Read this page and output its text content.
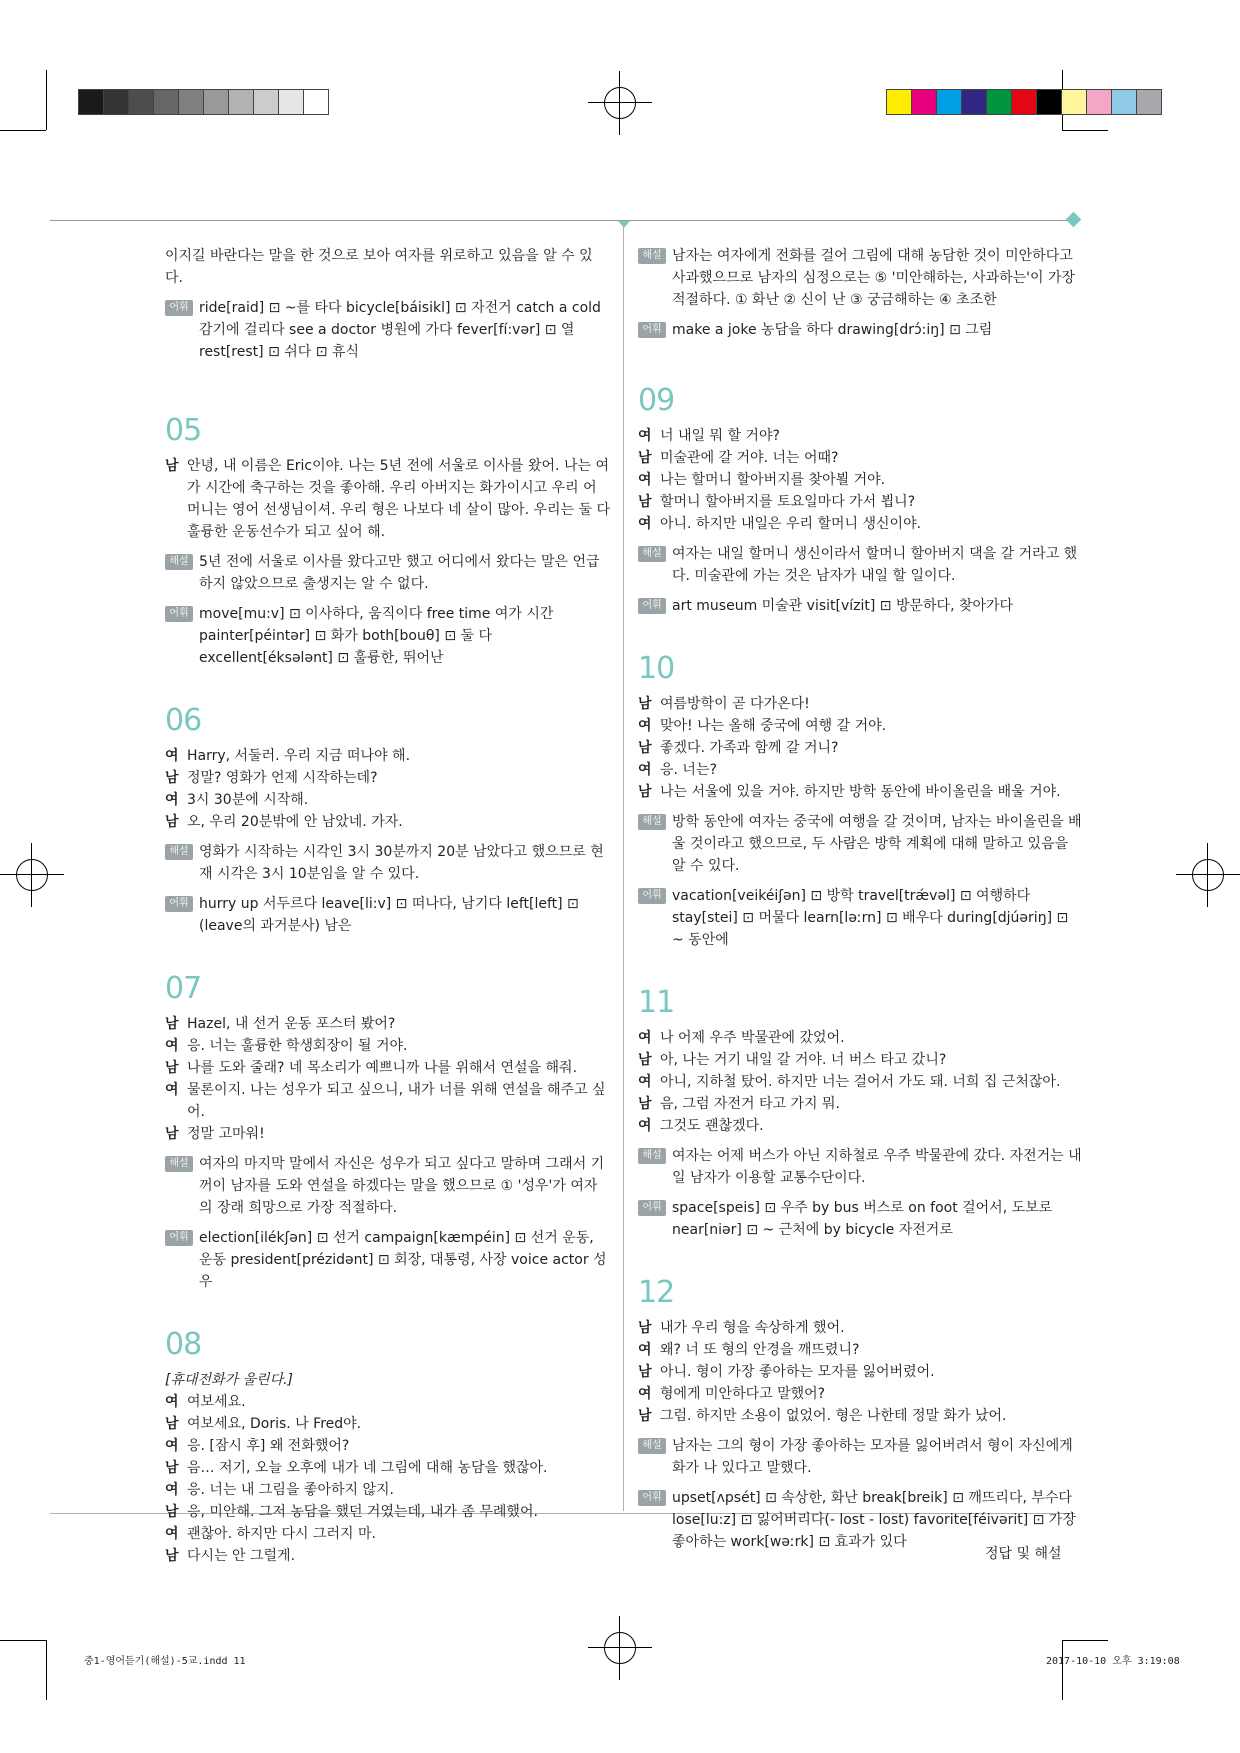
이지길 바란다는 말을 한 것으로 보아 여자를 위로하고 있음을 알 수 있다.
어휘 ride[raid] ⊡ ~를 타다 bicycle[báisikl] ⊡ 자전거 catch a cold 감기에 걸리다 see a doctor 병원에 가다 fever[fí:vər] ⊡ 열 rest[rest] ⊡ 쉬다 ⊡ 휴식
05
남 안녕, 내 이름은 Eric이야. 나는 5년 전에 서울로 이사를 왔어. 나는 여가 시간에 축구하는 것을 좋아해. 우리 아버지는 화가이시고 우리 어머니는 영어 선생님이셔. 우리 형은 나보다 네 살이 많아. 우리는 둘 다 훌륭한 운동선수가 되고 싶어 해.
해설 5년 전에 서울로 이사를 왔다고만 했고 어디에서 왔다는 말은 언급하지 않았으므로 출생지는 알 수 없다.
어휘 move[mu:v] ⊡ 이사하다, 움직이다 free time 여가 시간 painter[péintər] ⊡ 화가 both[bouθ] ⊡ 둘 다 excellent[éksələnt] ⊡ 훌륭한, 뛰어난
06
여 Harry, 서둘러. 우리 지금 떠나야 해.
남 정말? 영화가 언제 시작하는데?
여 3시 30분에 시작해.
남 오, 우리 20분밖에 안 남았네. 가자.
해설 영화가 시작하는 시각인 3시 30분까지 20분 남았다고 했으므로 현재 시각은 3시 10분임을 알 수 있다.
어휘 hurry up 서두르다 leave[li:v] ⊡ 떠나다, 남기다 left[left] ⊡ (leave의 과거분사) 남은
07
남 Hazel, 내 선거 운동 포스터 봤어?
여 응. 너는 훌륭한 학생회장이 될 거야.
남 나를 도와 줄래? 네 목소리가 예쁘니까 나를 위해서 연설을 해줘.
여 물론이지. 나는 성우가 되고 싶으니, 내가 너를 위해 연설을 해주고 싶어.
남 정말 고마워!
해설 여자의 마지막 말에서 자신은 성우가 되고 싶다고 말하며 그래서 기꺼이 남자를 도와 연설을 하겠다는 말을 했으므로 ① '성우'가 여자의 장래 희망으로 가장 적절하다.
어휘 election[ilékʃən] ⊡ 선거 campaign[kæmpéin] ⊡ 선거 운동, 운동 president[prézidənt] ⊡ 회장, 대통령, 사장 voice actor 성우
08
[휴대전화가 울린다.]
여 여보세요.
남 여보세요, Doris. 나 Fred야.
여 응. [잠시 후] 왜 전화했어?
남 음… 저기, 오늘 오후에 내가 네 그림에 대해 농담을 했잖아.
여 응. 너는 내 그림을 좋아하지 않지.
남 응, 미안해. 그저 농담을 했던 거였는데, 내가 좀 무례했어.
여 괜찮아. 하지만 다시 그러지 마.
남 다시는 안 그럴게.
해설 남자는 여자에게 전화를 걸어 그림에 대해 농담한 것이 미안하다고 사과했으므로 남자의 심정으로는 ⑤ '미안해하는, 사과하는'이 가장 적절하다. ① 화난 ② 신이 난 ③ 궁금해하는 ④ 초조한
어휘 make a joke 농담을 하다 drawing[drɔ́:iŋ] ⊡ 그림
09
여 너 내일 뭐 할 거야?
남 미술관에 갈 거야. 너는 어때?
여 나는 할머니 할아버지를 찾아뵐 거야.
남 할머니 할아버지를 토요일마다 가서 뵙니?
여 아니. 하지만 내일은 우리 할머니 생신이야.
해설 여자는 내일 할머니 생신이라서 할머니 할아버지 댁을 갈 거라고 했다. 미술관에 가는 것은 남자가 내일 할 일이다.
어휘 art museum 미술관 visit[vízit] ⊡ 방문하다, 찾아가다
10
남 여름방학이 곧 다가온다!
여 맞아! 나는 올해 중국에 여행 갈 거야.
남 좋겠다. 가족과 함께 갈 거니?
여 응. 너는?
남 나는 서울에 있을 거야. 하지만 방학 동안에 바이올린을 배울 거야.
해설 방학 동안에 여자는 중국에 여행을 갈 것이며, 남자는 바이올린을 배울 것이라고 했으므로, 두 사람은 방학 계획에 대해 말하고 있음을 알 수 있다.
어휘 vacation[veikéiʃən] ⊡ 방학 travel[trǽvəl] ⊡ 여행하다 stay[stei] ⊡ 머물다 learn[ləːrn] ⊡ 배우다 during[djúəriŋ] ⊡ ~ 동안에
11
여 나 어제 우주 박물관에 갔었어.
남 아, 나는 거기 내일 갈 거야. 너 버스 타고 갔니?
여 아니, 지하철 탔어. 하지만 너는 걸어서 가도 돼. 너희 집 근처잖아.
남 음, 그럼 자전거 타고 가지 뭐.
여 그것도 괜찮겠다.
해설 여자는 어제 버스가 아닌 지하철로 우주 박물관에 갔다. 자전거는 내일 남자가 이용할 교통수단이다.
어휘 space[speis] ⊡ 우주 by bus 버스로 on foot 걸어서, 도보로 near[niər] ⊡ ~ 근처에 by bicycle 자전거로
12
남 내가 우리 형을 속상하게 했어.
여 왜? 너 또 형의 안경을 깨뜨렸니?
남 아니. 형이 가장 좋아하는 모자를 잃어버렸어.
여 형에게 미안하다고 말했어?
남 그럼. 하지만 소용이 없었어. 형은 나한테 정말 화가 났어.
해설 남자는 그의 형이 가장 좋아하는 모자를 잃어버려서 형이 자신에게 화가 나 있다고 말했다.
어휘 upset[ʌpsét] ⊡ 속상한, 화난 break[breik] ⊡ 깨뜨리다, 부수다 lose[lu:z] ⊡ 잃어버리다(- lost - lost) favorite[féivərit] ⊡ 가장 좋아하는 work[wəːrk] ⊡ 효과가 있다
정답 및 해설
중1-영어듣기(해설)-5교.indd 11	2017-10-10 오후 3:19:08
